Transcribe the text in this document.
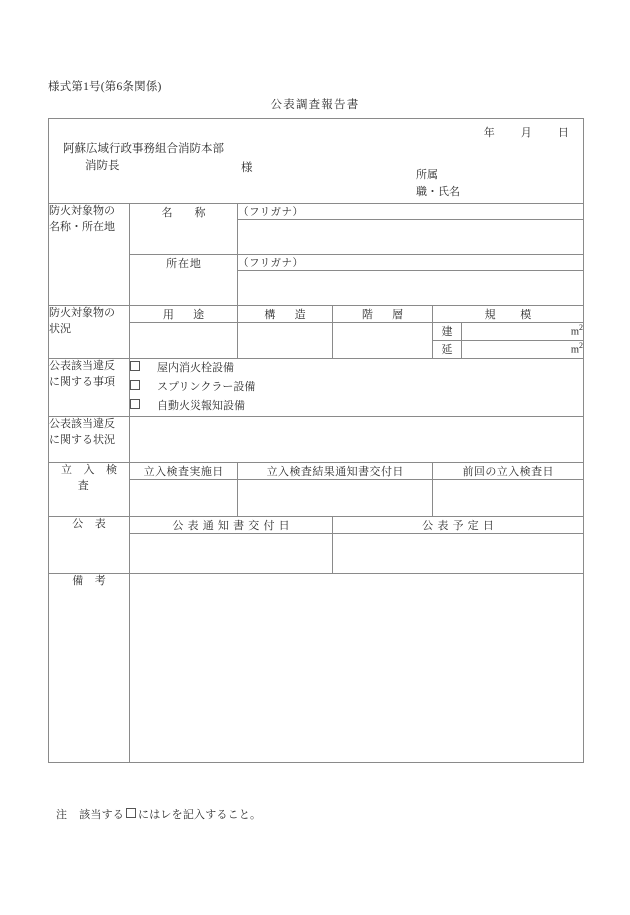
様式第1号(第6条関係)
公表調査報告書
年 月 日
阿蘇広域行政事務組合消防本部
消防長	様
所属
職・氏名

防火対象物の
名称・所在地	名　称	（フリガナ）			

	所在地	（フリガナ）			

防火対象物の
状況	用　途	構　造	階　層	規　模	
				建	$m^2$
				延	$m^2$

公表該当違反
に関する事項

屋内消火栓設備
スプリンクラー設備
自動火災報知設備

公表該当違反
に関する状況					

立入検査	立入検査実施日	立入検査結果通知書交付日		前回の立入検査日	

公表	公表通知書交付日		公表予定日		

備考					
注 該当する にはレを記入すること。
